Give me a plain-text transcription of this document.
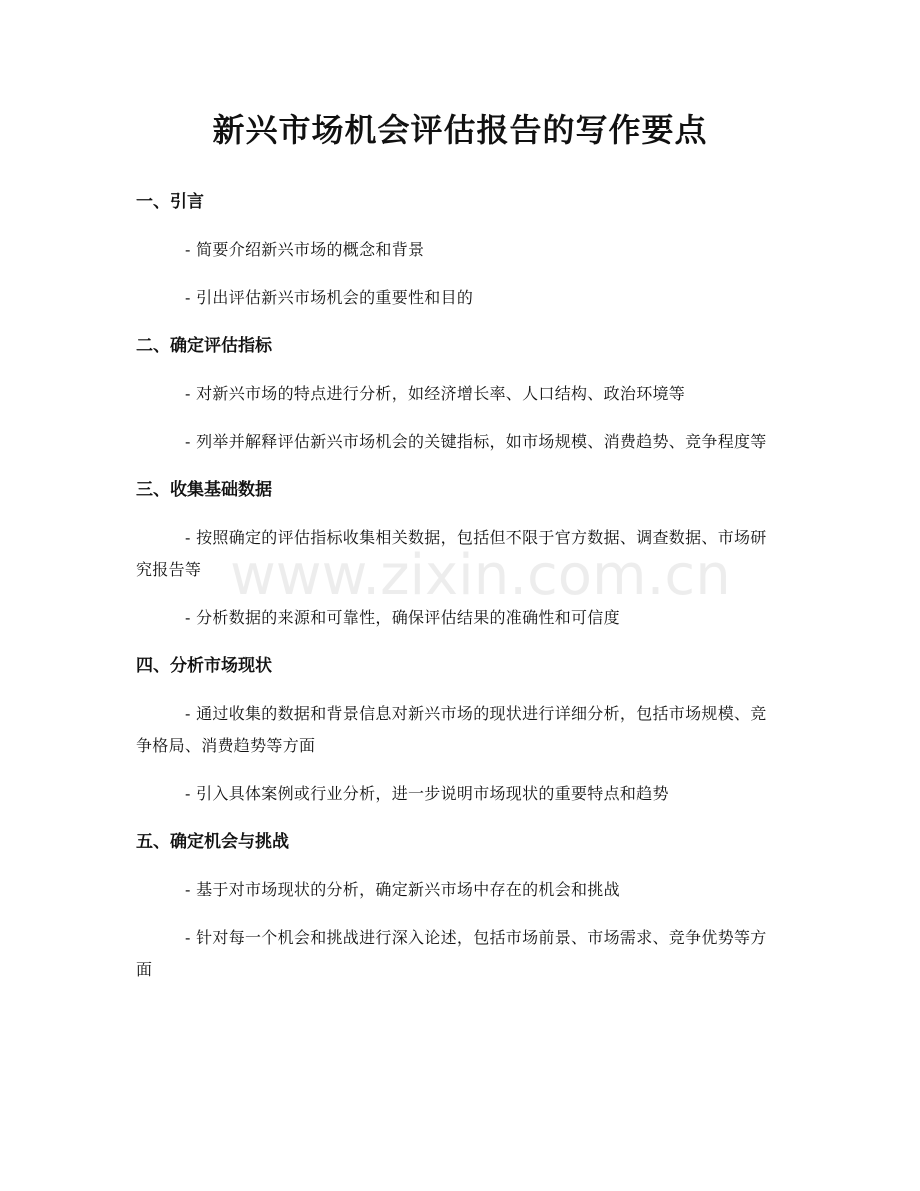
新兴市场机会评估报告的写作要点
www.zixin.com.cn
一、引言

- 简要介绍新兴市场的概念和背景

- 引出评估新兴市场机会的重要性和目的

二、确定评估指标

- 对新兴市场的特点进行分析，如经济增长率、人口结构、政治环境等

- 列举并解释评估新兴市场机会的关键指标，如市场规模、消费趋势、竞争程度等

三、收集基础数据

- 按照确定的评估指标收集相关数据，包括但不限于官方数据、调查数据、市场研究报告等

- 分析数据的来源和可靠性，确保评估结果的准确性和可信度

四、分析市场现状

- 通过收集的数据和背景信息对新兴市场的现状进行详细分析，包括市场规模、竞争格局、消费趋势等方面

- 引入具体案例或行业分析，进一步说明市场现状的重要特点和趋势

五、确定机会与挑战

- 基于对市场现状的分析，确定新兴市场中存在的机会和挑战

- 针对每一个机会和挑战进行深入论述，包括市场前景、市场需求、竞争优势等方面
